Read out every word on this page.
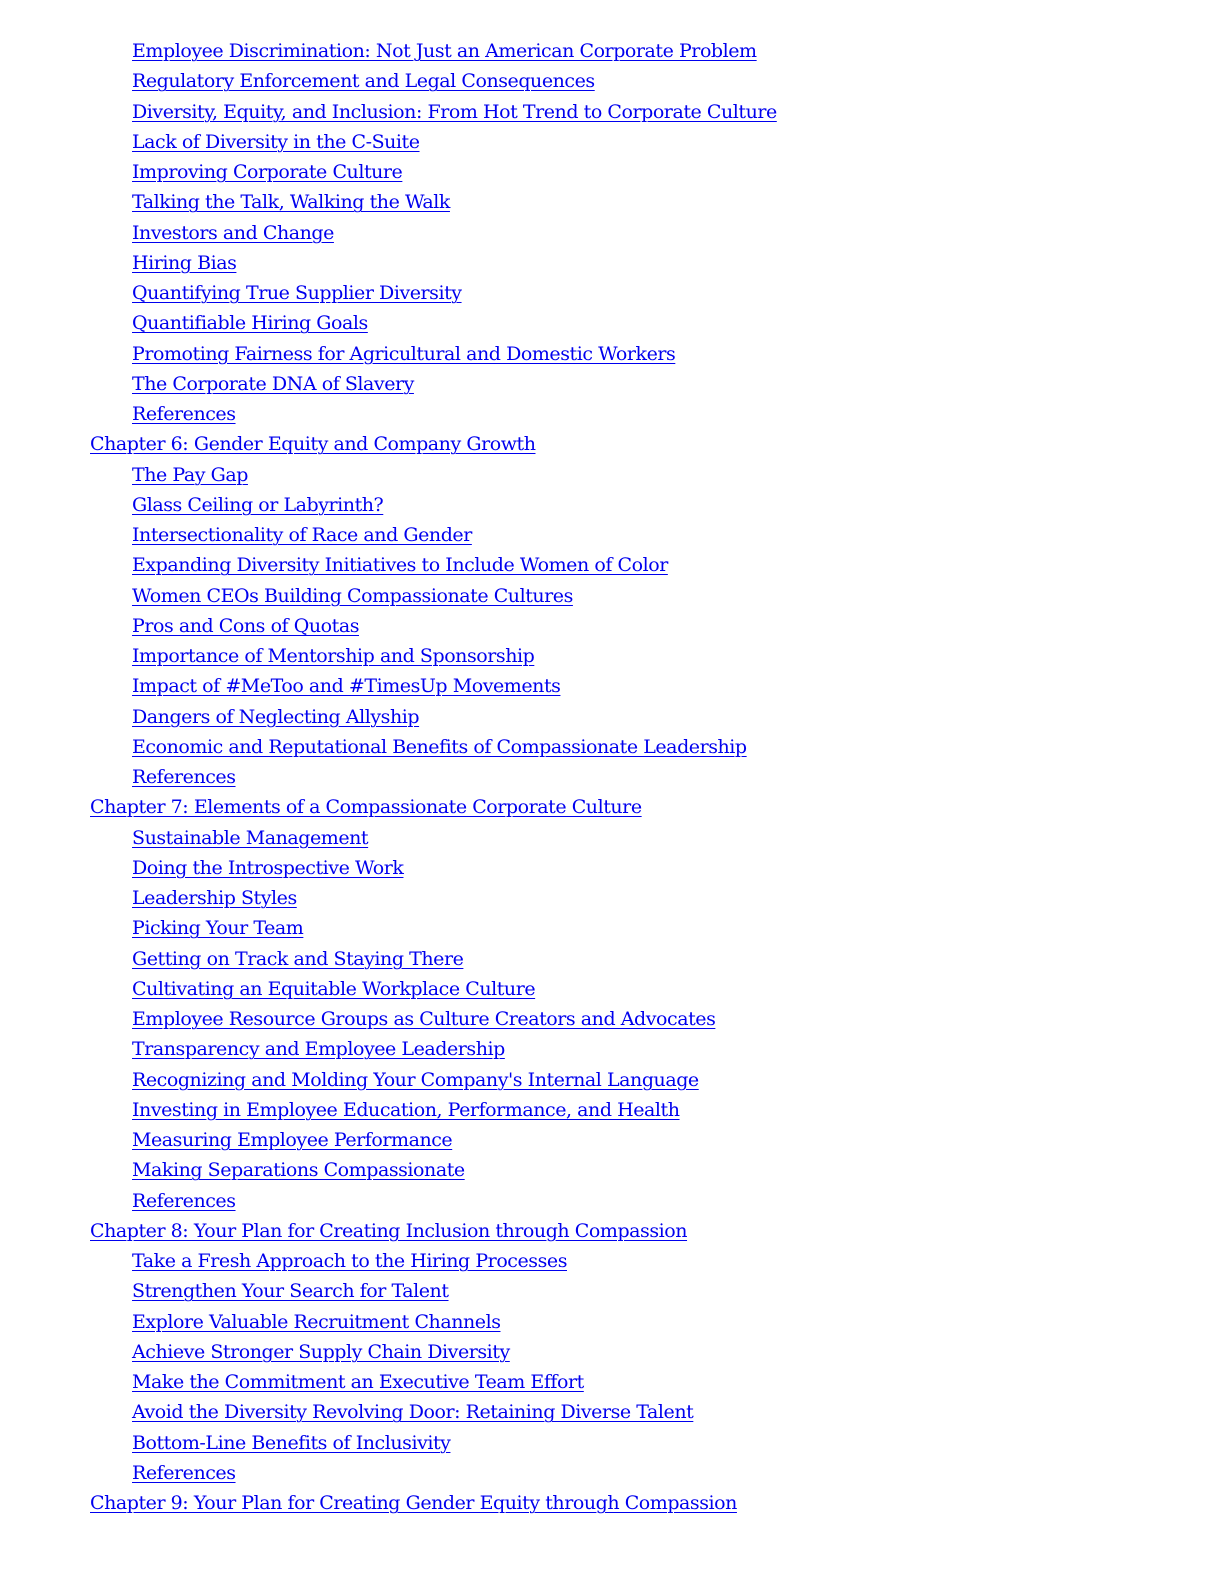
Employee Discrimination: Not Just an American Corporate Problem
Regulatory Enforcement and Legal Consequences
Diversity, Equity, and Inclusion: From Hot Trend to Corporate Culture
Lack of Diversity in the C-Suite
Improving Corporate Culture
Talking the Talk, Walking the Walk
Investors and Change
Hiring Bias
Quantifying True Supplier Diversity
Quantifiable Hiring Goals
Promoting Fairness for Agricultural and Domestic Workers
The Corporate DNA of Slavery
References
Chapter 6: Gender Equity and Company Growth
The Pay Gap
Glass Ceiling or Labyrinth?
Intersectionality of Race and Gender
Expanding Diversity Initiatives to Include Women of Color
Women CEOs Building Compassionate Cultures
Pros and Cons of Quotas
Importance of Mentorship and Sponsorship
Impact of #MeToo and #TimesUp Movements
Dangers of Neglecting Allyship
Economic and Reputational Benefits of Compassionate Leadership
References
Chapter 7: Elements of a Compassionate Corporate Culture
Sustainable Management
Doing the Introspective Work
Leadership Styles
Picking Your Team
Getting on Track and Staying There
Cultivating an Equitable Workplace Culture
Employee Resource Groups as Culture Creators and Advocates
Transparency and Employee Leadership
Recognizing and Molding Your Company's Internal Language
Investing in Employee Education, Performance, and Health
Measuring Employee Performance
Making Separations Compassionate
References
Chapter 8: Your Plan for Creating Inclusion through Compassion
Take a Fresh Approach to the Hiring Processes
Strengthen Your Search for Talent
Explore Valuable Recruitment Channels
Achieve Stronger Supply Chain Diversity
Make the Commitment an Executive Team Effort
Avoid the Diversity Revolving Door: Retaining Diverse Talent
Bottom-Line Benefits of Inclusivity
References
Chapter 9: Your Plan for Creating Gender Equity through Compassion
